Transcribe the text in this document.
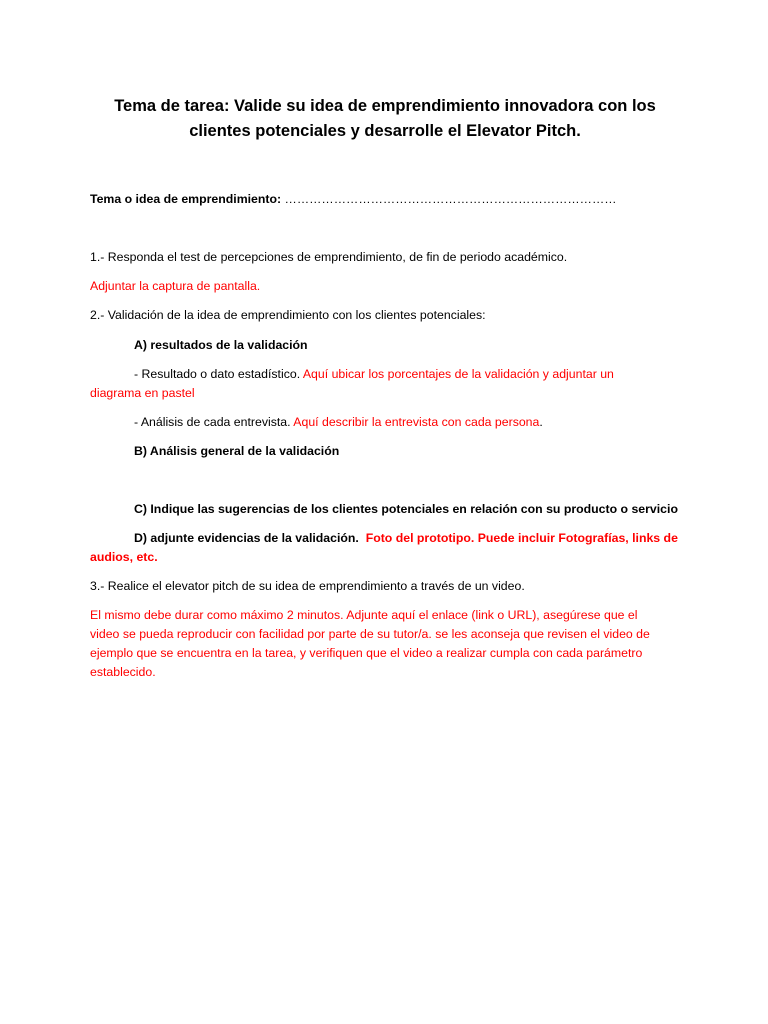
Tema de tarea: Valide su idea de emprendimiento innovadora con los
clientes potenciales y desarrolle el Elevator Pitch.

Tema o idea de emprendimiento: ………………………………………………………………………

1.- Responda el test de percepciones de emprendimiento, de fin de periodo académico.

Adjuntar la captura de pantalla.

2.- Validación de la idea de emprendimiento con los clientes potenciales:

A) resultados de la validación

- Resultado o dato estadístico. Aquí ubicar los porcentajes de la validación y adjuntar un

diagrama en pastel

- Análisis de cada entrevista. Aquí describir la entrevista con cada persona.

B) Análisis general de la validación

C) Indique las sugerencias de los clientes potenciales en relación con su producto o servicio

D) adjunte evidencias de la validación. Foto del prototipo. Puede incluir Fotografías, links de

audios, etc.

3.- Realice el elevator pitch de su idea de emprendimiento a través de un video.

El mismo debe durar como máximo 2 minutos. Adjunte aquí el enlace (link o URL), asegúrese que el

video se pueda reproducir con facilidad por parte de su tutor/a. se les aconseja que revisen el video de

ejemplo que se encuentra en la tarea, y verifiquen que el video a realizar cumpla con cada parámetro

establecido.
